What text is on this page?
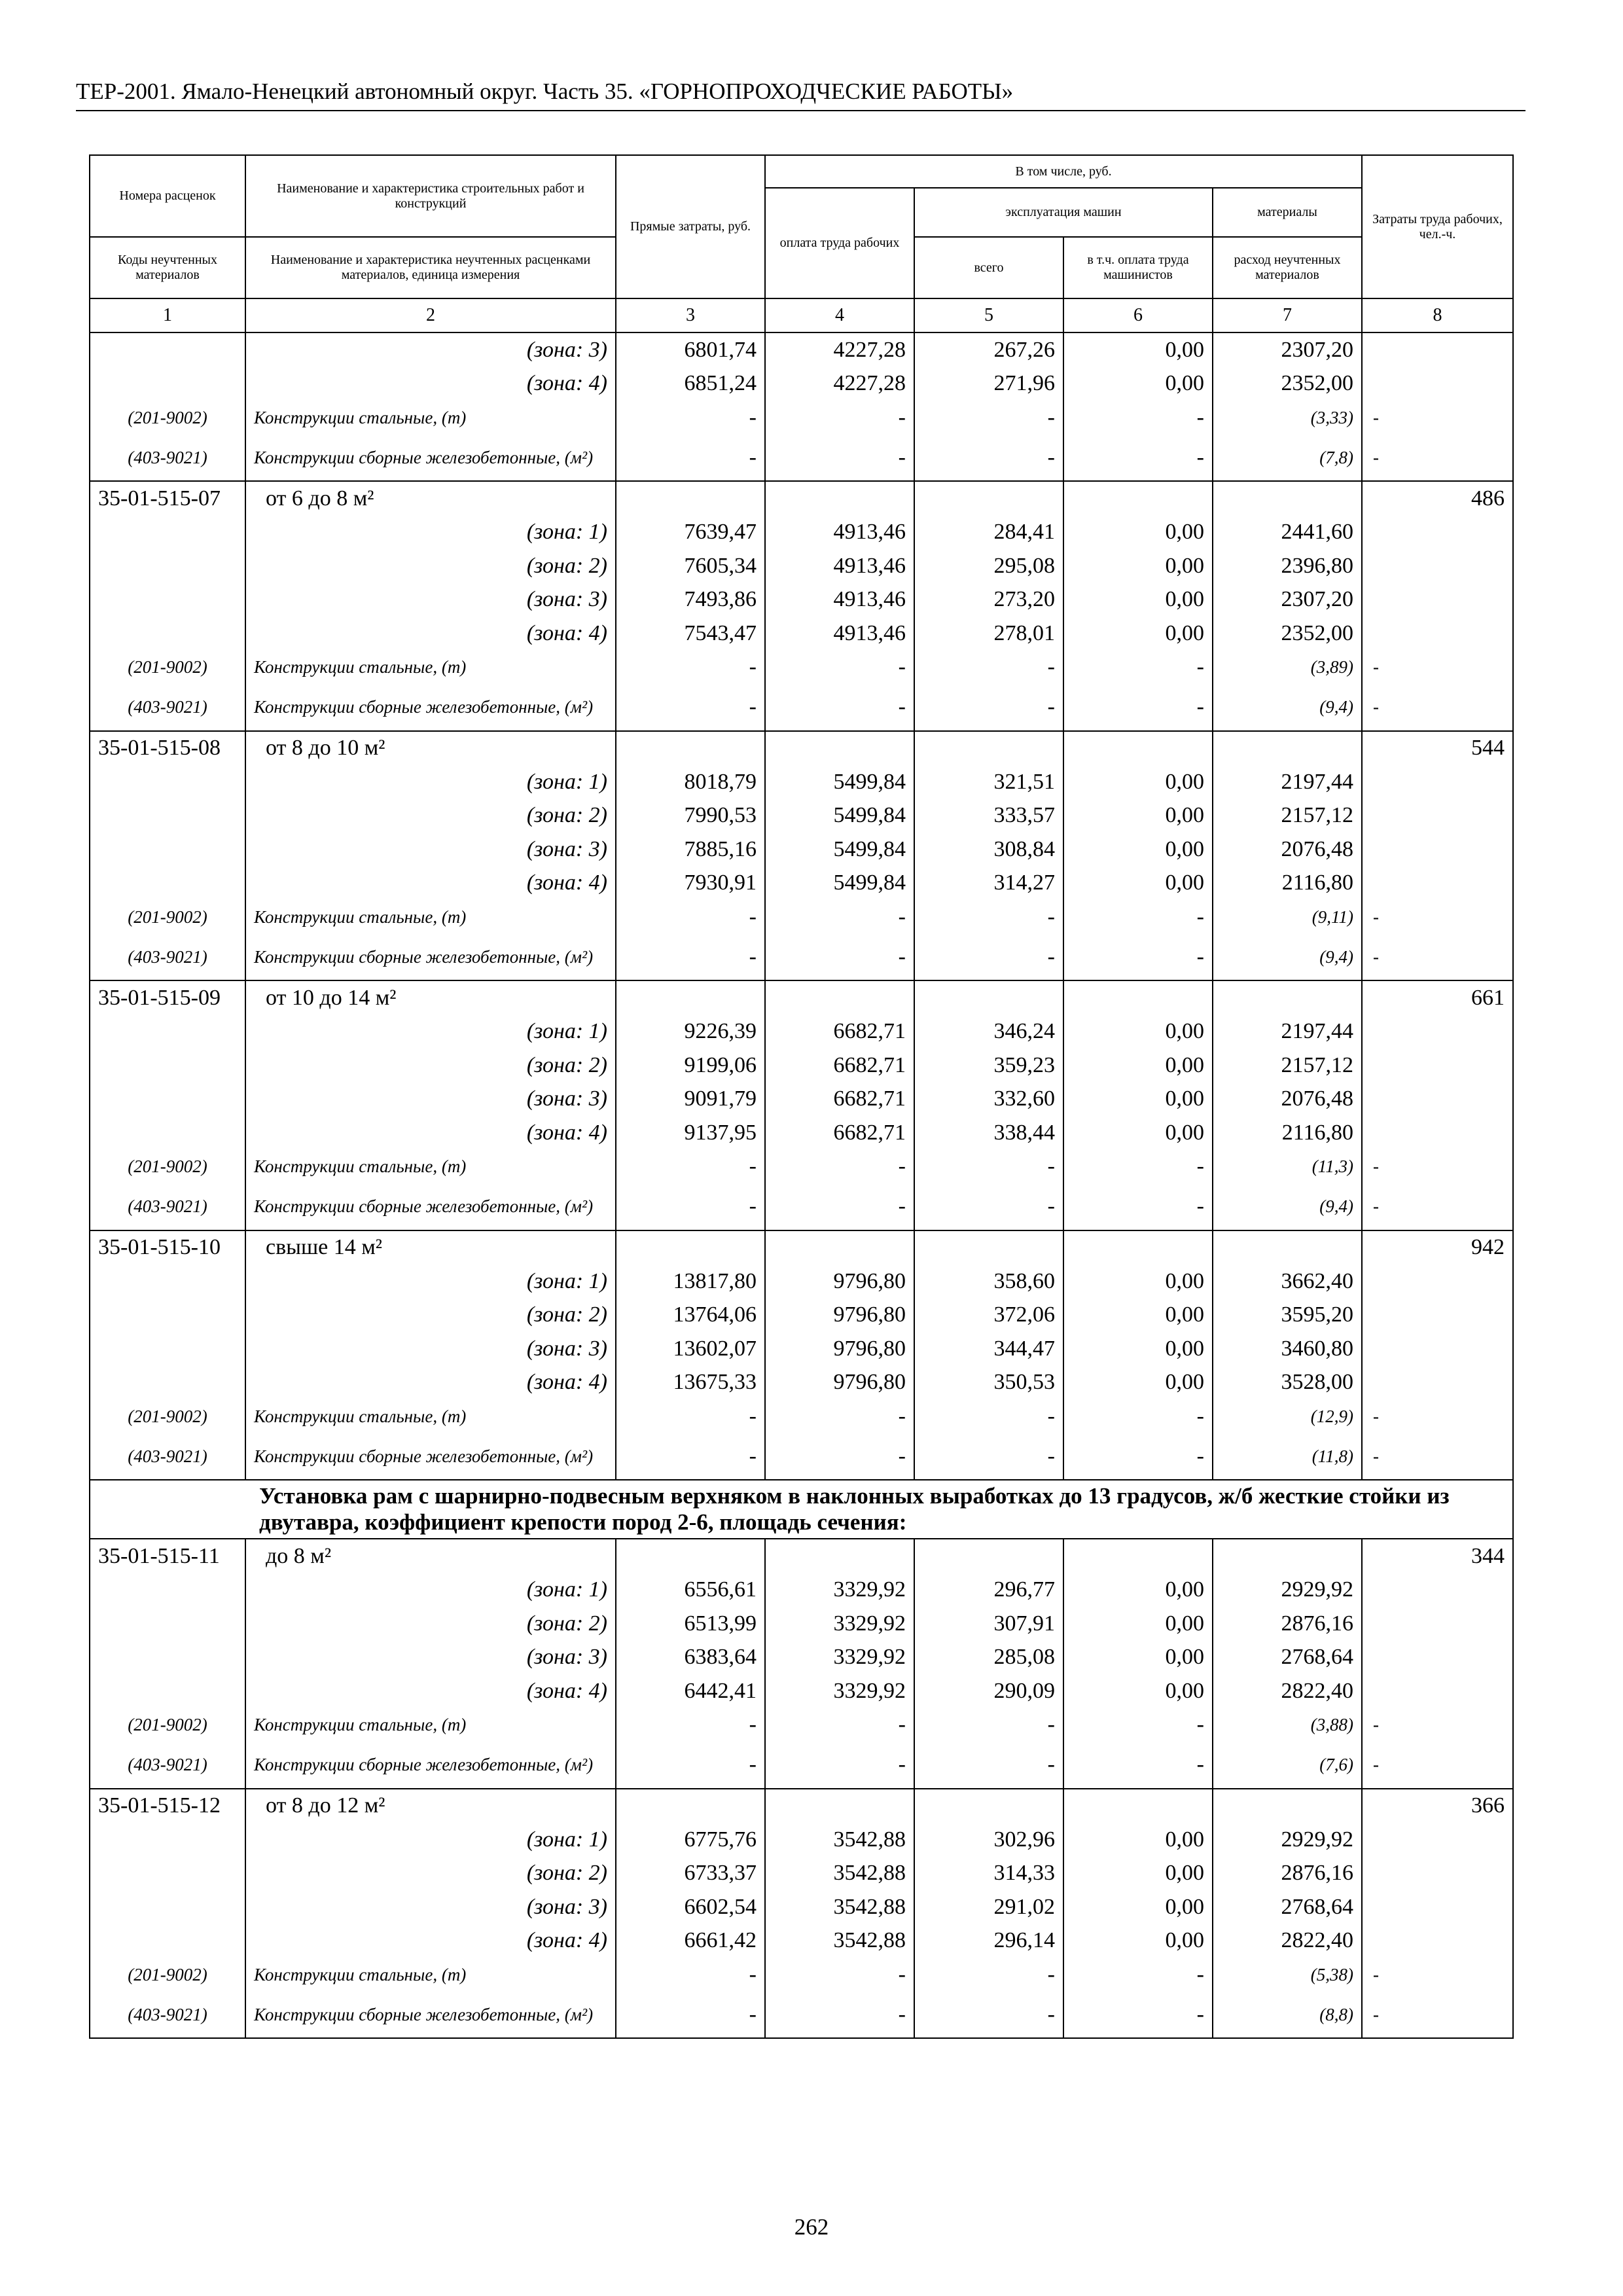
ТЕР-2001. Ямало-Ненецкий автономный округ. Часть 35. «ГОРНОПРОХОДЧЕСКИЕ РАБОТЫ»
Номера расценок	Наименование и характеристика строительных работ и конструкций	Прямые затраты, руб.	В том числе, руб.				Затраты труда рабочих, чел.-ч.
			оплата труда рабочих	эксплуатация машин		материалы	
Коды неучтенных материалов	Наименование и характеристика неучтенных расценками материалов, единица измерения			всего	в т.ч. оплата труда машинистов	расход неучтенных материалов	

1	2	3	4	5	6	7	8
	(зона: 3)	6801,74	4227,28	267,26	0,00	2307,20	
	(зона: 4)	6851,24	4227,28	271,96	0,00	2352,00	
(201-9002)	Конструкции стальные, (т)	-	-	-	-	(3,33)	-
(403-9021)	Конструкции сборные железобетонные, (м²)	-	-	-	-	(7,8)	-
35-01-515-07	от 6 до 8 м²						486
	(зона: 1)	7639,47	4913,46	284,41	0,00	2441,60	
	(зона: 2)	7605,34	4913,46	295,08	0,00	2396,80	
	(зона: 3)	7493,86	4913,46	273,20	0,00	2307,20	
	(зона: 4)	7543,47	4913,46	278,01	0,00	2352,00	
(201-9002)	Конструкции стальные, (т)	-	-	-	-	(3,89)	-
(403-9021)	Конструкции сборные железобетонные, (м²)	-	-	-	-	(9,4)	-
35-01-515-08	от 8 до 10 м²						544
	(зона: 1)	8018,79	5499,84	321,51	0,00	2197,44	
	(зона: 2)	7990,53	5499,84	333,57	0,00	2157,12	
	(зона: 3)	7885,16	5499,84	308,84	0,00	2076,48	
	(зона: 4)	7930,91	5499,84	314,27	0,00	2116,80	
(201-9002)	Конструкции стальные, (т)	-	-	-	-	(9,11)	-
(403-9021)	Конструкции сборные железобетонные, (м²)	-	-	-	-	(9,4)	-
35-01-515-09	от 10 до 14 м²						661
	(зона: 1)	9226,39	6682,71	346,24	0,00	2197,44	
	(зона: 2)	9199,06	6682,71	359,23	0,00	2157,12	
	(зона: 3)	9091,79	6682,71	332,60	0,00	2076,48	
	(зона: 4)	9137,95	6682,71	338,44	0,00	2116,80	
(201-9002)	Конструкции стальные, (т)	-	-	-	-	(11,3)	-
(403-9021)	Конструкции сборные железобетонные, (м²)	-	-	-	-	(9,4)	-
35-01-515-10	свыше 14 м²						942
	(зона: 1)	13817,80	9796,80	358,60	0,00	3662,40	
	(зона: 2)	13764,06	9796,80	372,06	0,00	3595,20	
	(зона: 3)	13602,07	9796,80	344,47	0,00	3460,80	
	(зона: 4)	13675,33	9796,80	350,53	0,00	3528,00	
(201-9002)	Конструкции стальные, (т)	-	-	-	-	(12,9)	-
(403-9021)	Конструкции сборные железобетонные, (м²)	-	-	-	-	(11,8)	-
Установка рам с шарнирно-подвесным верхняком в наклонных выработках до 13 градусов, ж/б жесткие стойки из двутавра, коэффициент крепости пород 2-6, площадь сечения:							
35-01-515-11	до 8 м²						344
	(зона: 1)	6556,61	3329,92	296,77	0,00	2929,92	
	(зона: 2)	6513,99	3329,92	307,91	0,00	2876,16	
	(зона: 3)	6383,64	3329,92	285,08	0,00	2768,64	
	(зона: 4)	6442,41	3329,92	290,09	0,00	2822,40	
(201-9002)	Конструкции стальные, (т)	-	-	-	-	(3,88)	-
(403-9021)	Конструкции сборные железобетонные, (м²)	-	-	-	-	(7,6)	-
35-01-515-12	от 8 до 12 м²						366
	(зона: 1)	6775,76	3542,88	302,96	0,00	2929,92	
	(зона: 2)	6733,37	3542,88	314,33	0,00	2876,16	
	(зона: 3)	6602,54	3542,88	291,02	0,00	2768,64	
	(зона: 4)	6661,42	3542,88	296,14	0,00	2822,40	
(201-9002)	Конструкции стальные, (т)	-	-	-	-	(5,38)	-
(403-9021)	Конструкции сборные железобетонные, (м²)	-	-	-	-	(8,8)	-
262
